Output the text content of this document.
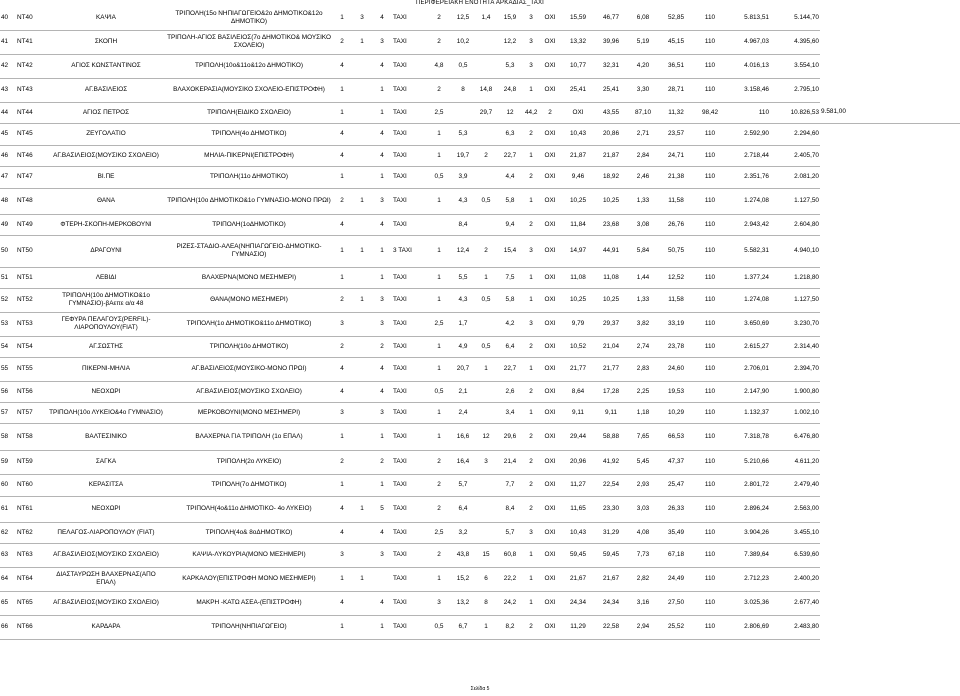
ΠΕΡΙΦΕΡΕΙΑΚΗ ΕΝΟΤΗΤΑ ΑΡΚΑΔΙΑΣ_ΤΑΧΙ
40	NT40	ΚΑΨΙΑ	ΤΡΙΠΟΛΗ(15ο ΝΗΠΙΑΓΩΓΕΙΟ&2ο ΔΗΜΟΤΙΚΟ&12ο ΔΗΜΟΤΙΚΟ)	1	3	4	ΤΑΧΙ	2	12,5	1,4	15,9	3	ΟΧΙ	15,59	46,77	6,08	52,85	110	5.813,51	5.144,70	
41	NT41	ΣΚΟΠΗ	ΤΡΙΠΟΛΗ-ΑΓΙΟΣ ΒΑΣΙΛΕΙΟΣ(7ο ΔΗΜΟΤΙΚΟ& ΜΟΥΣΙΚΟ ΣΧΟΛΕΙΟ)	2	1	3	ΤΑΧΙ	2	10,2		12,2	3	ΟΧΙ	13,32	39,96	5,19	45,15	110	4.967,03	4.395,60	
42	NT42	ΑΓΙΟΣ ΚΩΝΣΤΑΝΤΙΝΟΣ	ΤΡΙΠΟΛΗ(10ο&11ο&12ο ΔΗΜΟΤΙΚΟ)	4		4	ΤΑΧΙ	4,8	0,5		5,3	3	ΟΧΙ	10,77	32,31	4,20	36,51	110	4.016,13	3.554,10	
43	NT43	ΑΓ.ΒΑΣΙΛΕΙΟΣ	ΒΛΑΧΟΚΕΡΑΣΙΑ(ΜΟΥΣΙΚΟ ΣΧΟΛΕΙΟ-ΕΠΙΣΤΡΟΦΗ)	1		1	ΤΑΧΙ	2	8	14,8	24,8	1	ΟΧΙ	25,41	25,41	3,30	28,71	110	3.158,46	2.795,10	
44	NT44	ΑΓΙΟΣ ΠΕΤΡΟΣ	ΤΡΙΠΟΛΗ(ΕΙΔΙΚΟ ΣΧΟΛΕΙΟ)	1		1	ΤΑΧΙ	2,5		29,7	12	44,2	2	ΟΧΙ	43,55	87,10	11,32	98,42	110	10.826,53	9.581,00
45	NT45	ΖΕΥΓΟΛΑΤΙΟ	ΤΡΙΠΟΛΗ(4ο ΔΗΜΟΤΙΚΟ)	4		4	ΤΑΧΙ	1	5,3		6,3	2	ΟΧΙ	10,43	20,86	2,71	23,57	110	2.592,90	2.294,60	
46	NT46	ΑΓ.ΒΑΣΙΛΕΙΟΣ(ΜΟΥΣΙΚΟ ΣΧΟΛΕΙΟ)	ΜΗΛΙΑ-ΠΙΚΕΡΝΙ(ΕΠΙΣΤΡΟΦΗ)	4		4	ΤΑΧΙ	1	19,7	2	22,7	1	ΟΧΙ	21,87	21,87	2,84	24,71	110	2.718,44	2.405,70	
47	NT47	ΒΙ.ΠΕ	ΤΡΙΠΟΛΗ(11ο ΔΗΜΟΤΙΚΟ)	1		1	ΤΑΧΙ	0,5	3,9		4,4	2	ΟΧΙ	9,46	18,92	2,46	21,38	110	2.351,76	2.081,20	
48	NT48	ΘΑΝΑ	ΤΡΙΠΟΛΗ(10ο ΔΗΜΟΤΙΚΟ&1ο ΓΥΜΝΑΣΙΟ-ΜΟΝΟ ΠΡΩΙ)	2	1	3	ΤΑΧΙ	1	4,3	0,5	5,8	1	ΟΧΙ	10,25	10,25	1,33	11,58	110	1.274,08	1.127,50	
49	NT49	ΦΤΕΡΗ-ΣΚΟΠΗ-ΜΕΡΚΟΒΟΥΝΙ	ΤΡΙΠΟΛΗ(1οΔΗΜΟΤΙΚΟ)	4		4	ΤΑΧΙ		8,4		9,4	2	ΟΧΙ	11,84	23,68	3,08	26,76	110	2.943,42	2.604,80	
50	NT50	ΔΡΑΓΟΥΝΙ	ΡΙΖΕΣ-ΣΤΑΔΙΟ-ΑΛΕΑ(ΝΗΠΙΑΓΩΓΕΙΟ-ΔΗΜΟΤΙΚΟ-ΓΥΜΝΑΣΙΟ)	1	1	1	3 ΤΑΧΙ	1	12,4	2	15,4	3	ΟΧΙ	14,97	44,91	5,84	50,75	110	5.582,31	4.940,10	
51	NT51	ΛΕΒΙΔΙ	ΒΛΑΧΕΡΝΑ(ΜΟΝΟ ΜΕΣΗΜΕΡΙ)	1		1	ΤΑΧΙ	1	5,5	1	7,5	1	ΟΧΙ	11,08	11,08	1,44	12,52	110	1.377,24	1.218,80	
52	NT52	ΤΡΙΠΟΛΗ(10ο ΔΗΜΟΤΙΚΟ&1ο ΓΥΜΝΑΣΙΟ)-βΑεπε α/α 48	ΘΑΝΑ(ΜΟΝΟ ΜΕΣΗΜΕΡΙ)	2	1	3	ΤΑΧΙ	1	4,3	0,5	5,8	1	ΟΧΙ	10,25	10,25	1,33	11,58	110	1.274,08	1.127,50	
53	NT53	ΓΕΦΥΡΑ ΠΕΛΑΓΟΥΣ(PERFIL)-ΛΙΑΡΟΠΟΥΛΟΥ(FIAT)	ΤΡΙΠΟΛΗ(1ο ΔΗΜΟΤΙΚΟ&11ο ΔΗΜΟΤΙΚΟ)	3		3	ΤΑΧΙ	2,5	1,7		4,2	3	ΟΧΙ	9,79	29,37	3,82	33,19	110	3.650,69	3.230,70	
54	NT54	ΑΓ.ΣΩΣΤΗΣ	ΤΡΙΠΟΛΗ(10ο ΔΗΜΟΤΙΚΟ)	2		2	ΤΑΧΙ	1	4,9	0,5	6,4	2	ΟΧΙ	10,52	21,04	2,74	23,78	110	2.615,27	2.314,40	
55	NT55	ΠΙΚΕΡΝΙ-ΜΗΛΙΑ	ΑΓ.ΒΑΣΙΛΕΙΟΣ(ΜΟΥΣΙΚΟ-ΜΟΝΟ ΠΡΩΙ)	4		4	ΤΑΧΙ	1	20,7	1	22,7	1	ΟΧΙ	21,77	21,77	2,83	24,60	110	2.706,01	2.394,70	
56	NT56	ΝΕΟΧΩΡΙ	ΑΓ.ΒΑΣΙΛΕΙΟΣ(ΜΟΥΣΙΚΟ ΣΧΟΛΕΙΟ)	4		4	ΤΑΧΙ	0,5	2,1		2,6	2	ΟΧΙ	8,64	17,28	2,25	19,53	110	2.147,90	1.900,80	
57	NT57	ΤΡΙΠΟΛΗ(10ο ΛΥΚΕΙΟ&4ο ΓΥΜΝΑΣΙΟ)	ΜΕΡΚΟΒΟΥΝΙ(ΜΟΝΟ ΜΕΣΗΜΕΡΙ)	3		3	ΤΑΧΙ	1	2,4		3,4	1	ΟΧΙ	9,11	9,11	1,18	10,29	110	1.132,37	1.002,10	
58	NT58	ΒΑΛΤΕΣΙΝΙΚΟ	ΒΛΑΧΕΡΝΑ ΓΙΑ ΤΡΙΠΟΛΗ (1ο ΕΠΑΛ)	1		1	ΤΑΧΙ	1	16,6	12	29,6	2	ΟΧΙ	29,44	58,88	7,65	66,53	110	7.318,78	6.476,80	
59	NT59	ΣΑΓΚΑ	ΤΡΙΠΟΛΗ(2ο ΛΥΚΕΙΟ)	2		2	ΤΑΧΙ	2	16,4	3	21,4	2	ΟΧΙ	20,96	41,92	5,45	47,37	110	5.210,66	4.611,20	
60	NT60	ΚΕΡΑΣΙΤΣΑ	ΤΡΙΠΟΛΗ(7ο ΔΗΜΟΤΙΚΟ)	1		1	ΤΑΧΙ	2	5,7		7,7	2	ΟΧΙ	11,27	22,54	2,93	25,47	110	2.801,72	2.479,40	
61	NT61	ΝΕΟΧΩΡΙ	ΤΡΙΠΟΛΗ(4ο&11ο ΔΗΜΟΤΙΚΟ- 4ο ΛΥΚΕΙΟ)	4	1	5	ΤΑΧΙ	2	6,4		8,4	2	ΟΧΙ	11,65	23,30	3,03	26,33	110	2.896,24	2.563,00	
62	NT62	ΠΕΛΑΓΟΣ-ΛΙΑΡΟΠΟΥΛΟΥ (FIAT)	ΤΡΙΠΟΛΗ(4ο& 8οΔΗΜΟΤΙΚΟ)	4		4	ΤΑΧΙ	2,5	3,2		5,7	3	ΟΧΙ	10,43	31,29	4,08	35,49	110	3.904,26	3.455,10	
63	NT63	ΑΓ.ΒΑΣΙΛΕΙΟΣ(ΜΟΥΣΙΚΟ ΣΧΟΛΕΙΟ)	ΚΑΨΙΑ-ΛΥΚΟΥΡΙΑ(ΜΟΝΟ ΜΕΣΗΜΕΡΙ)	3		3	ΤΑΧΙ	2	43,8	15	60,8	1	ΟΧΙ	59,45	59,45	7,73	67,18	110	7.389,64	6.539,60	
64	NT64	ΔΙΑΣΤΑΥΡΩΣΗ ΒΛΑΧΕΡΝΑΣ(ΑΠΟ ΕΠΑΛ)	ΚΑΡΚΑΛΟΥ(ΕΠΙΣΤΡΟΦΗ ΜΟΝΟ ΜΕΣΗΜΕΡΙ)	1	1		ΤΑΧΙ	1	15,2	6	22,2	1	ΟΧΙ	21,67	21,67	2,82	24,49	110	2.712,23	2.400,20	
65	NT65	ΑΓ.ΒΑΣΙΛΕΙΟΣ(ΜΟΥΣΙΚΟ ΣΧΟΛΕΙΟ)	ΜΑΚΡΗ -ΚΑΤΩ ΑΣΕΑ-(ΕΠΙΣΤΡΟΦΗ)	4		4	ΤΑΧΙ	3	13,2	8	24,2	1	ΟΧΙ	24,34	24,34	3,16	27,50	110	3.025,36	2.677,40	
66	NT66	ΚΑΡΔΑΡΑ	ΤΡΙΠΟΛΗ(ΝΗΠΙΑΓΩΓΕΙΟ)	1		1	ΤΑΧΙ	0,5	6,7	1	8,2	2	ΟΧΙ	11,29	22,58	2,94	25,52	110	2.806,69	2.483,80	
Σελίδα 5
